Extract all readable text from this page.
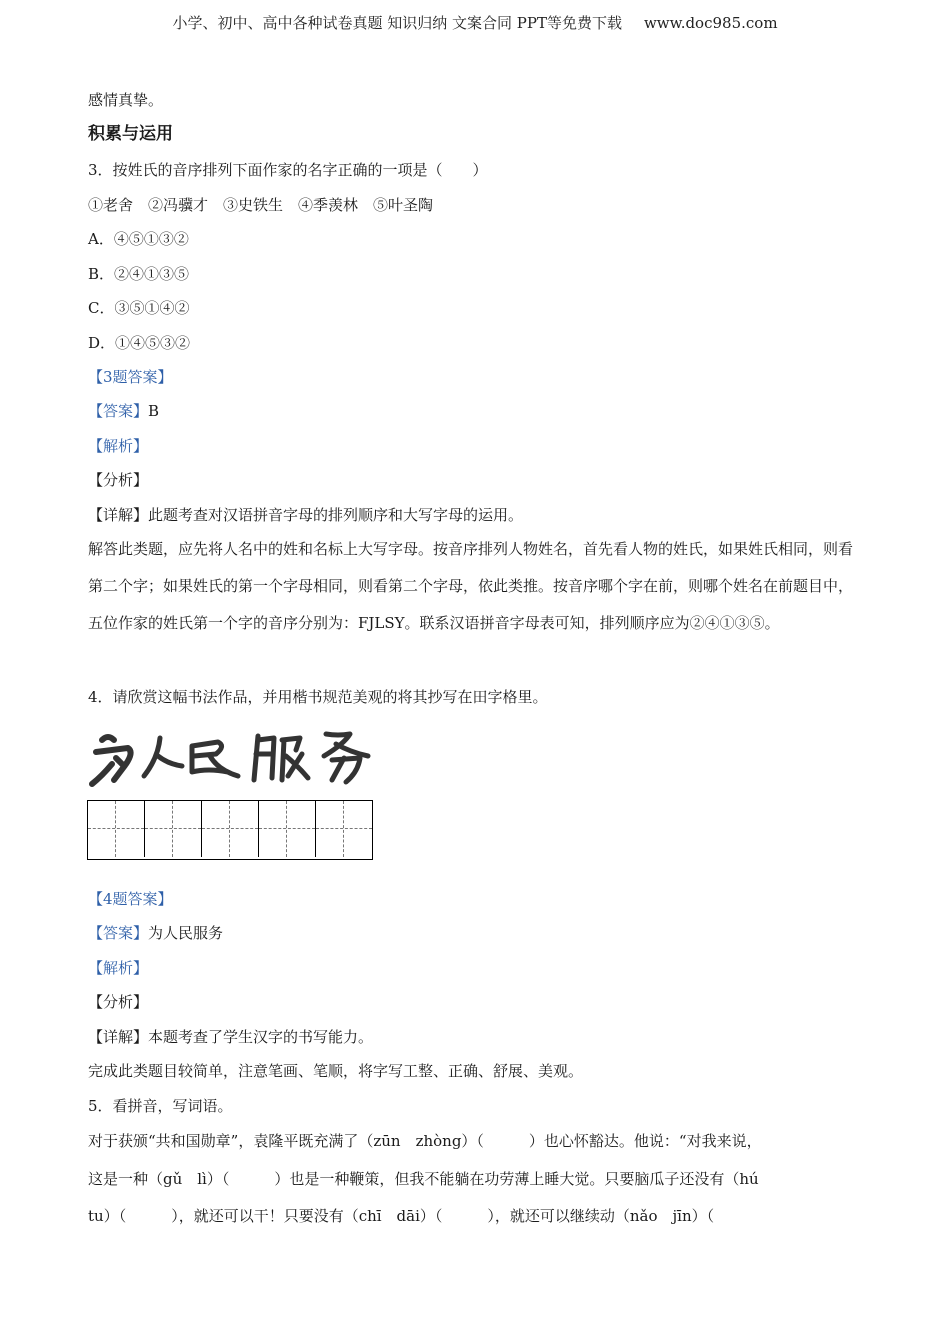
小学、初中、高中各种试卷真题 知识归纳 文案合同 PPT等免费下载 www.doc985.com
感情真挚。
积累与运用
3．按姓氏的音序排列下面作家的名字正确的一项是（　　）
①老舍　②冯骥才　③史铁生　④季羡林　⑤叶圣陶
A．④⑤①③②
B．②④①③⑤
C．③⑤①④②
D．①④⑤③②
【3题答案】
【答案】B
【解析】
【分析】
【详解】此题考查对汉语拼音字母的排列顺序和大写字母的运用。
解答此类题，应先将人名中的姓和名标上大写字母。按音序排列人物姓名，首先看人物的姓氏，如果姓氏相同，则看第二个字；如果姓氏的第一个字母相同，则看第二个字母，依此类推。按音序哪个字在前，则哪个姓名在前题目中，五位作家的姓氏第一个字的音序分别为：FJLSY。联系汉语拼音字母表可知，排列顺序应为②④①③⑤。
4．请欣赏这幅书法作品，并用楷书规范美观的将其抄写在田字格里。
【4题答案】
【答案】为人民服务
【解析】
【分析】
【详解】本题考查了学生汉字的书写能力。
完成此类题目较简单，注意笔画、笔顺，将字写工整、正确、舒展、美观。
5．看拼音，写词语。
对于获颁“共和国勋章”，袁隆平既充满了（zūn　zhòng）（　　　）也心怀豁达。他说：“对我来说，
这是一种（gǔ　lì）（　　　）也是一种鞭策，但我不能躺在功劳薄上睡大觉。只要脑瓜子还没有（hú
tu）（　　　），就还可以干！只要没有（chī　dāi）（　　　），就还可以继续动（nǎo　jīn）（
